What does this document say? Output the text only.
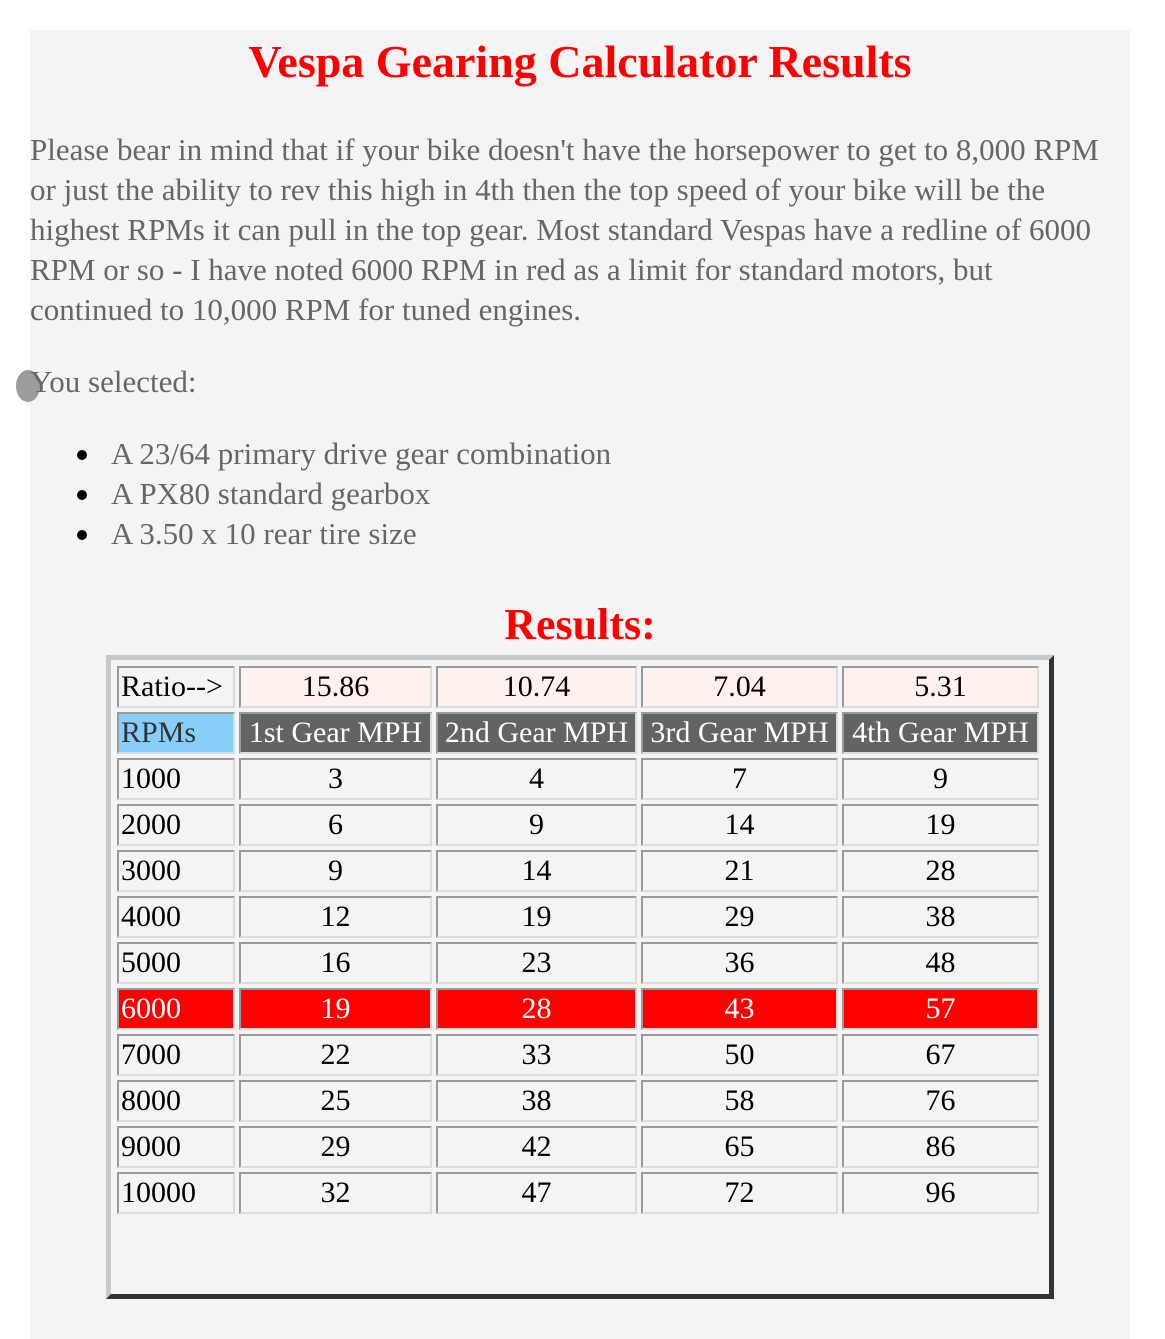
Vespa Gearing Calculator Results

Please bear in mind that if your bike doesn't have the horsepower to get to 8,000 RPM or just the ability to rev this high in 4th then the top speed of your bike will be the highest RPMs it can pull in the top gear. Most standard Vespas have a redline of 6000 RPM or so - I have noted 6000 RPM in red as a limit for standard motors, but continued to 10,000 RPM for tuned engines.

You selected:

A 23/64 primary drive gear combination
A PX80 standard gearbox
A 3.50 x 10 rear tire size
Results:
Ratio-->	15.86	10.74	7.04	5.31
RPMs	1st Gear MPH	2nd Gear MPH	3rd Gear MPH	4th Gear MPH
1000	3	4	7	9
2000	6	9	14	19
3000	9	14	21	28
4000	12	19	29	38
5000	16	23	36	48
6000	19	28	43	57
7000	22	33	50	67
8000	25	38	58	76
9000	29	42	65	86
10000	32	47	72	96
